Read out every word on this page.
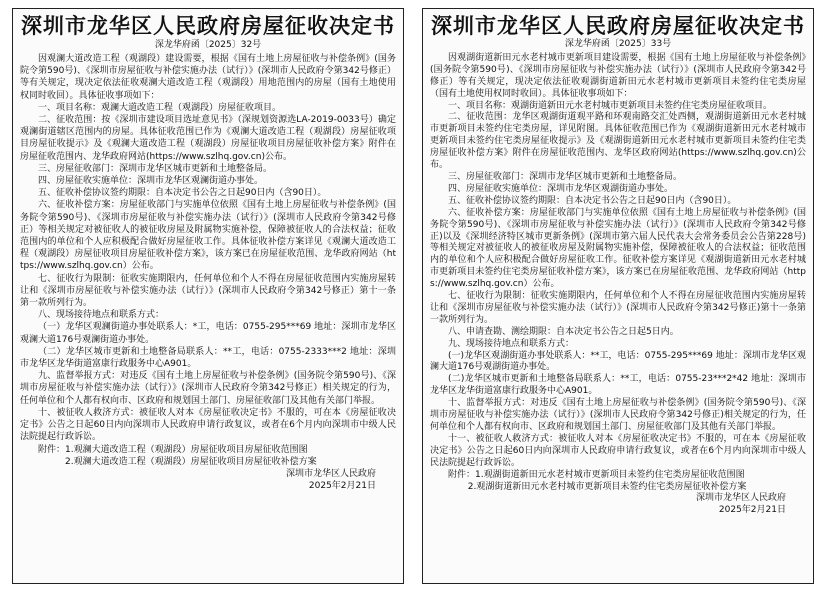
深圳市龙华区人民政府房屋征收决定书

深龙华府函〔2025〕32号

因观澜大道改造工程（观湖段）建设需要，根据《国有土地上房屋征收与补偿条例》(国务院令第590号)、《深圳市房屋征收与补偿实施办法（试行）》(深圳市人民政府令第342号修正）等有关规定，现决定依法征收观澜大道改造工程（观湖段）用地范围内的房屋（国有土地使用权同时收回）。具体征收事项如下：

一、项目名称：观澜大道改造工程（观湖段）房屋征收项目。

二、征收范围：按《深圳市建设项目选址意见书》（深规划资源选LA-2019-0033号）确定观澜街道辖区范围内的房屋。具体征收范围已作为《观澜大道改造工程（观湖段）房屋征收项目房屋征收提示》及《观澜大道改造工程（观湖段）房屋征收项目房屋征收补偿方案》附件在房屋征收范围内、龙华政府网站(https://www.szlhq.gov.cn)公布。

三、房屋征收部门：深圳市龙华区城市更新和土地整备局。

四、房屋征收实施单位：深圳市龙华区观澜街道办事处。

五、征收补偿协议签约期限：自本决定书公告之日起90日内（含90日）。

六、征收补偿方案：房屋征收部门与实施单位依照《国有土地上房屋征收与补偿条例》(国务院令第590号)、《深圳市房屋征收与补偿实施办法（试行）》(深圳市人民政府令第342号修正）等相关规定对被征收人的被征收房屋及附属物实施补偿，保障被征收人的合法权益；征收范围内的单位和个人应积极配合做好房屋征收工作。具体征收补偿方案详见《观澜大道改造工程（观湖段）房屋征收项目房屋征收补偿方案》，该方案已在房屋征收范围、龙华政府网站（https://www.szlhq.gov.cn）公布。

七、征收行为限制：征收实施期限内，任何单位和个人不得在房屋征收范围内实施房屋转让和《深圳市房屋征收与补偿实施办法（试行）》(深圳市人民政府令第342号修正）第十一条第一款所列行为。

八、现场接待地点和联系方式：

（一）龙华区观澜街道办事处联系人：*工，电话：0755-295***69 地址：深圳市龙华区观澜大道176号观澜街道办事处。

（二）龙华区城市更新和土地整备局联系人：**工，电话：0755-2333***2 地址：深圳市龙华区龙华街道富康行政服务中心A901。

九、监督举报方式：对违反《国有土地上房屋征收与补偿条例》(国务院令第590号)、《深圳市房屋征收与补偿实施办法（试行）》(深圳市人民政府令第342号修正）相关规定的行为，任何单位和个人都有权向市、区政府和规划国土部门、房屋征收部门及其他有关部门举报。

十、被征收人救济方式：被征收人对本《房屋征收决定书》不服的，可在本《房屋征收决定书》公告之日起60日内向深圳市人民政府申请行政复议，或者在6个月内向深圳市中级人民法院提起行政诉讼。

附件：1.观澜大道改造工程（观湖段）房屋征收项目房屋征收范围图

2.观澜大道改造工程（观湖段）房屋征收项目房屋征收补偿方案

深圳市龙华区人民政府

2025年2月21日

深圳市龙华区人民政府房屋征收决定书

深龙华府函〔2025〕33号

因观湖街道新田元水老村城市更新项目建设需要，根据《国有土地上房屋征收与补偿条例》(国务院令第590号)、《深圳市房屋征收与补偿实施办法（试行）》(深圳市人民政府令第342号修正）等有关规定，现决定依法征收观湖街道新田元水老村城市更新项目未签约住宅类房屋（国有土地使用权同时收回）。具体征收事项如下：

一、项目名称：观湖街道新田元水老村城市更新项目未签约住宅类房屋征收项目。

二、征收范围：龙华区观湖街道观平路和环观南路交汇处西侧，观湖街道新田元水老村城市更新项目未签约住宅类房屋，详见附图。具体征收范围已作为《观湖街道新田元水老村城市更新项目未签约住宅类房屋征收提示》及《观湖街道新田元水老村城市更新项目未签约住宅类房屋征收补偿方案》附件在房屋征收范围内、龙华区政府网站(https://www.szlhq.gov.cn)公布。

三、房屋征收部门：深圳市龙华区城市更新和土地整备局。

四、房屋征收实施单位：深圳市龙华区观湖街道办事处。

五、征收补偿协议签约期限：自本决定书公告之日起90日内（含90日）。

六、征收补偿方案：房屋征收部门与实施单位依照《国有土地上房屋征收与补偿条例》(国务院令第590号)、《深圳市房屋征收与补偿实施办法（试行）》(深圳市人民政府令第342号修正)以及《深圳经济特区城市更新条例》(深圳市第六届人民代表大会常务委员会公告第228号)等相关规定对被征收人的被征收房屋及附属物实施补偿，保障被征收人的合法权益；征收范围内的单位和个人应积极配合做好房屋征收工作。征收补偿方案详见《观湖街道新田元水老村城市更新项目未签约住宅类房屋征收补偿方案》，该方案已在房屋征收范围、龙华政府网站（https://www.szlhq.gov.cn）公布。

七、征收行为限制：征收实施期限内，任何单位和个人不得在房屋征收范围内实施房屋转让和《深圳市房屋征收与补偿实施办法（试行）》(深圳市人民政府令第342号修正)第十一条第一款所列行为。

八、申请查勘、测绘期限：自本决定书公告之日起5日内。

九、现场接待地点和联系方式：

(一)龙华区观湖街道办事处联系人：**工，电话：0755-295***69 地址：深圳市龙华区观澜大道176号观湖街道办事处。

(二)龙华区城市更新和土地整备局联系人：**工，电话：0755-23***2*42 地址：深圳市龙华区龙华街道富康行政服务中心A901。

十、监督举报方式：对违反《国有土地上房屋征收与补偿条例》(国务院令第590号)、《深圳市房屋征收与补偿实施办法（试行）》(深圳市人民政府令第342号修正)相关规定的行为，任何单位和个人都有权向市、区政府和规划国土部门、房屋征收部门及其他有关部门举报。

十一、被征收人救济方式：被征收人对本《房屋征收决定书》不服的，可在本《房屋征收决定书》公告之日起60日内向深圳市人民政府申请行政复议，或者在6个月内向深圳市中级人民法院提起行政诉讼。

附件：1.观湖街道新田元水老村城市更新项目未签约住宅类房屋征收范围图

2.观湖街道新田元水老村城市更新项目未签约住宅类房屋征收补偿方案

深圳市龙华区人民政府

2025年2月21日
